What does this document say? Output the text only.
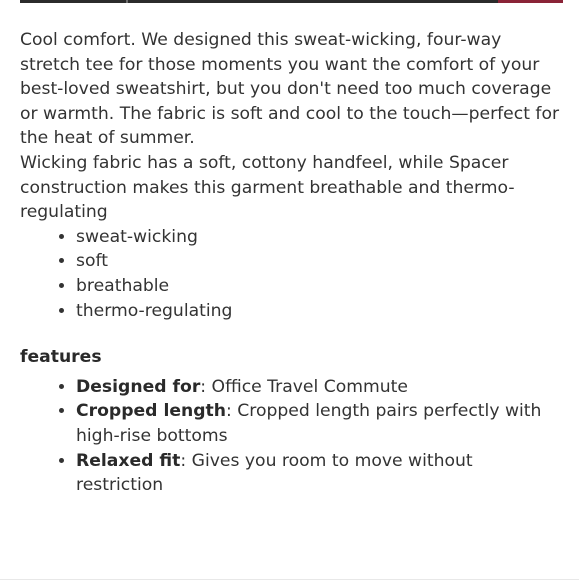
Cool comfort. We designed this sweat-wicking, four-way stretch tee for those moments you want the comfort of your best-loved sweatshirt, but you don't need too much coverage or warmth. The fabric is soft and cool to the touch—perfect for the heat of summer.

Wicking fabric has a soft, cottony handfeel, while Spacer construction makes this garment breathable and thermo-regulating

• sweat-wicking
• soft
• breathable
• thermo-regulating
features
• Designed for: Office Travel Commute
• Cropped length: Cropped length pairs perfectly with high-rise bottoms
• Relaxed fit: Gives you room to move without restriction
